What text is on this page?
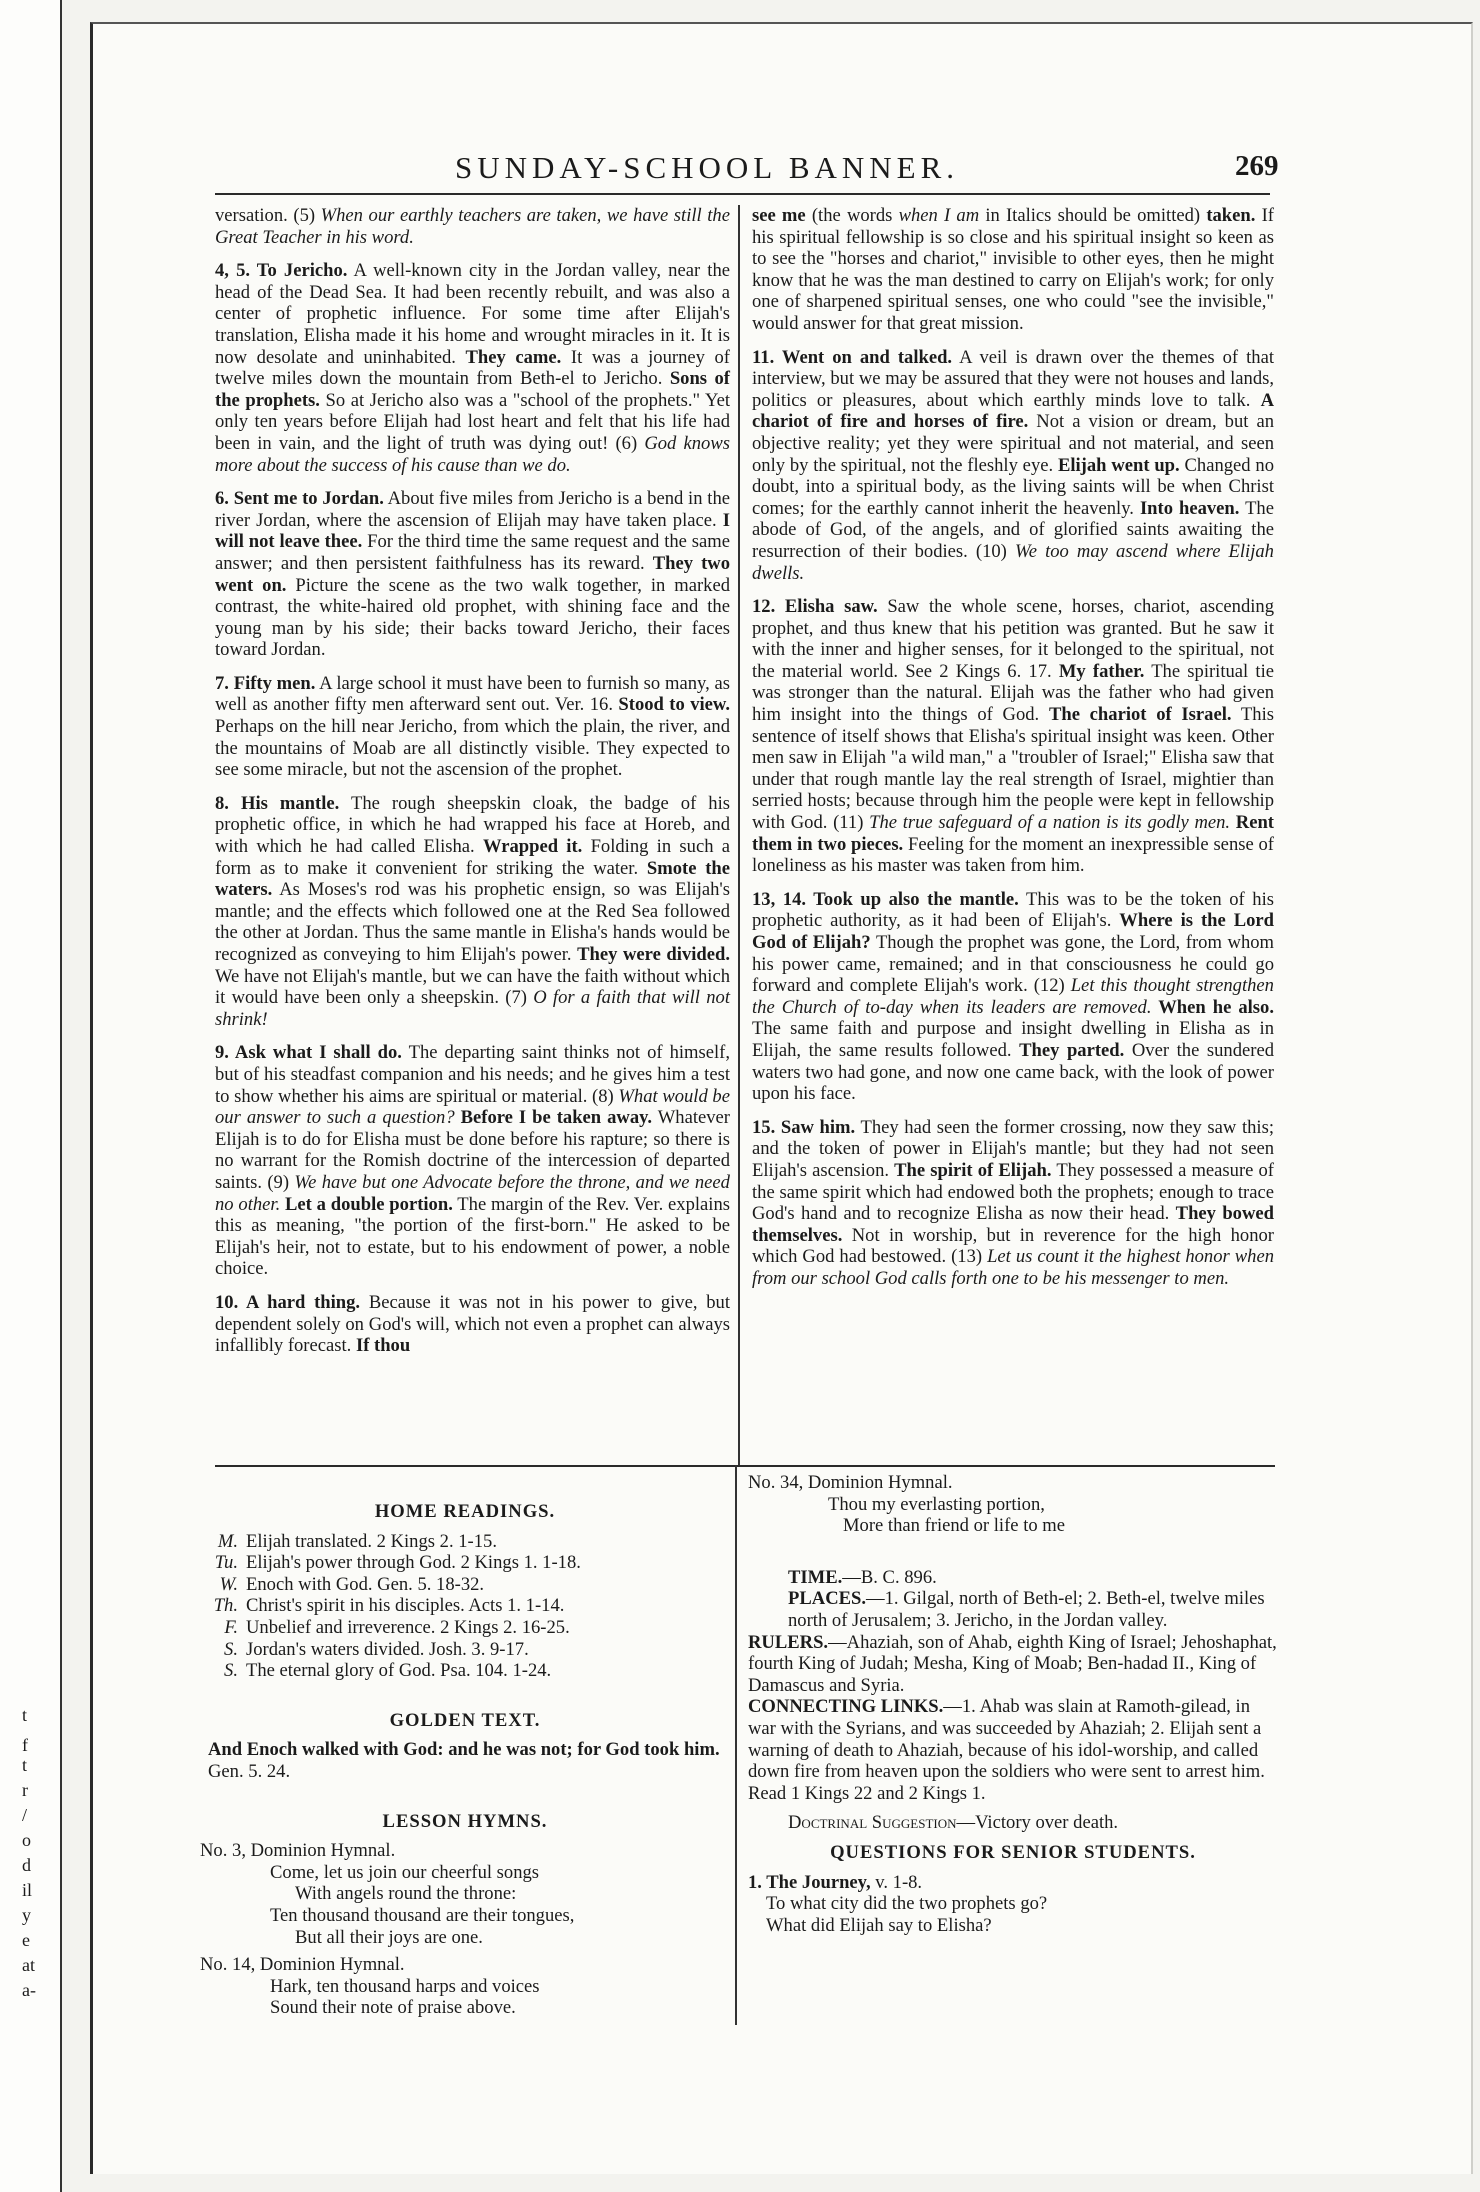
t
f
t
r
/
o
d
il
y
e
at
a-
SUNDAY-SCHOOL BANNER.	269

versation. (5) When our earthly teachers are taken, we have still the Great Teacher in his word.

4, 5. To Jericho. A well-known city in the Jordan valley, near the head of the Dead Sea. It had been recently rebuilt, and was also a center of prophetic influence. For some time after Elijah's translation, Elisha made it his home and wrought miracles in it. It is now desolate and uninhabited. They came. It was a journey of twelve miles down the mountain from Beth-el to Jericho. Sons of the prophets. So at Jericho also was a "school of the prophets." Yet only ten years before Elijah had lost heart and felt that his life had been in vain, and the light of truth was dying out! (6) God knows more about the success of his cause than we do.

6. Sent me to Jordan. About five miles from Jericho is a bend in the river Jordan, where the ascension of Elijah may have taken place. I will not leave thee. For the third time the same request and the same answer; and then persistent faithfulness has its reward. They two went on. Picture the scene as the two walk together, in marked contrast, the white-haired old prophet, with shining face and the young man by his side; their backs toward Jericho, their faces toward Jordan.

7. Fifty men. A large school it must have been to furnish so many, as well as another fifty men afterward sent out. Ver. 16. Stood to view. Perhaps on the hill near Jericho, from which the plain, the river, and the mountains of Moab are all distinctly visible. They expected to see some miracle, but not the ascension of the prophet.

8. His mantle. The rough sheepskin cloak, the badge of his prophetic office, in which he had wrapped his face at Horeb, and with which he had called Elisha. Wrapped it. Folding in such a form as to make it convenient for striking the water. Smote the waters. As Moses's rod was his prophetic ensign, so was Elijah's mantle; and the effects which followed one at the Red Sea followed the other at Jordan. Thus the same mantle in Elisha's hands would be recognized as conveying to him Elijah's power. They were divided. We have not Elijah's mantle, but we can have the faith without which it would have been only a sheepskin. (7) O for a faith that will not shrink!

9. Ask what I shall do. The departing saint thinks not of himself, but of his steadfast companion and his needs; and he gives him a test to show whether his aims are spiritual or material. (8) What would be our answer to such a question? Before I be taken away. Whatever Elijah is to do for Elisha must be done before his rapture; so there is no warrant for the Romish doctrine of the intercession of departed saints. (9) We have but one Advocate before the throne, and we need no other. Let a double portion. The margin of the Rev. Ver. explains this as meaning, "the portion of the first-born." He asked to be Elijah's heir, not to estate, but to his endowment of power, a noble choice.

10. A hard thing. Because it was not in his power to give, but dependent solely on God's will, which not even a prophet can always infallibly forecast. If thou

see me (the words when I am in Italics should be omitted) taken. If his spiritual fellowship is so close and his spiritual insight so keen as to see the "horses and chariot," invisible to other eyes, then he might know that he was the man destined to carry on Elijah's work; for only one of sharpened spiritual senses, one who could "see the invisible," would answer for that great mission.

11. Went on and talked. A veil is drawn over the themes of that interview, but we may be assured that they were not houses and lands, politics or pleasures, about which earthly minds love to talk. A chariot of fire and horses of fire. Not a vision or dream, but an objective reality; yet they were spiritual and not material, and seen only by the spiritual, not the fleshly eye. Elijah went up. Changed no doubt, into a spiritual body, as the living saints will be when Christ comes; for the earthly cannot inherit the heavenly. Into heaven. The abode of God, of the angels, and of glorified saints awaiting the resurrection of their bodies. (10) We too may ascend where Elijah dwells.

12. Elisha saw. Saw the whole scene, horses, chariot, ascending prophet, and thus knew that his petition was granted. But he saw it with the inner and higher senses, for it belonged to the spiritual, not the material world. See 2 Kings 6. 17. My father. The spiritual tie was stronger than the natural. Elijah was the father who had given him insight into the things of God. The chariot of Israel. This sentence of itself shows that Elisha's spiritual insight was keen. Other men saw in Elijah "a wild man," a "troubler of Israel;" Elisha saw that under that rough mantle lay the real strength of Israel, mightier than serried hosts; because through him the people were kept in fellowship with God. (11) The true safeguard of a nation is its godly men. Rent them in two pieces. Feeling for the moment an inexpressible sense of loneliness as his master was taken from him.

13, 14. Took up also the mantle. This was to be the token of his prophetic authority, as it had been of Elijah's. Where is the Lord God of Elijah? Though the prophet was gone, the Lord, from whom his power came, remained; and in that consciousness he could go forward and complete Elijah's work. (12) Let this thought strengthen the Church of to-day when its leaders are removed. When he also. The same faith and purpose and insight dwelling in Elisha as in Elijah, the same results followed. They parted. Over the sundered waters two had gone, and now one came back, with the look of power upon his face.

15. Saw him. They had seen the former crossing, now they saw this; and the token of power in Elijah's mantle; but they had not seen Elijah's ascension. The spirit of Elijah. They possessed a measure of the same spirit which had endowed both the prophets; enough to trace God's hand and to recognize Elisha as now their head. They bowed themselves. Not in worship, but in reverence for the high honor which God had bestowed. (13) Let us count it the highest honor when from our school God calls forth one to be his messenger to men.

HOME READINGS.
M. Elijah translated. 2 Kings 2. 1-15.
Tu. Elijah's power through God. 2 Kings 1. 1-18.
W. Enoch with God. Gen. 5. 18-32.
Th. Christ's spirit in his disciples. Acts 1. 1-14.
F. Unbelief and irreverence. 2 Kings 2. 16-25.
S. Jordan's waters divided. Josh. 3. 9-17.
S. The eternal glory of God. Psa. 104. 1-24.
GOLDEN TEXT.
And Enoch walked with God: and he was not; for God took him. Gen. 5. 24.
LESSON HYMNS.
No. 3, Dominion Hymnal.
Come, let us join our cheerful songs
With angels round the throne:
Ten thousand thousand are their tongues,
But all their joys are one.
No. 14, Dominion Hymnal.
Hark, ten thousand harps and voices
Sound their note of praise above.
No. 34, Dominion Hymnal.
Thou my everlasting portion,
More than friend or life to me
TIME.—B. C. 896.
PLACES.—1. Gilgal, north of Beth-el; 2. Beth-el, twelve miles north of Jerusalem; 3. Jericho, in the Jordan valley.
RULERS.—Ahaziah, son of Ahab, eighth King of Israel; Jehoshaphat, fourth King of Judah; Mesha, King of Moab; Ben-hadad II., King of Damascus and Syria.
CONNECTING LINKS.—1. Ahab was slain at Ramoth-gilead, in war with the Syrians, and was succeeded by Ahaziah; 2. Elijah sent a warning of death to Ahaziah, because of his idol-worship, and called down fire from heaven upon the soldiers who were sent to arrest him. Read 1 Kings 22 and 2 Kings 1.
Doctrinal Suggestion—Victory over death.
QUESTIONS FOR SENIOR STUDENTS.
1. The Journey, v. 1-8.
To what city did the two prophets go?
What did Elijah say to Elisha?
